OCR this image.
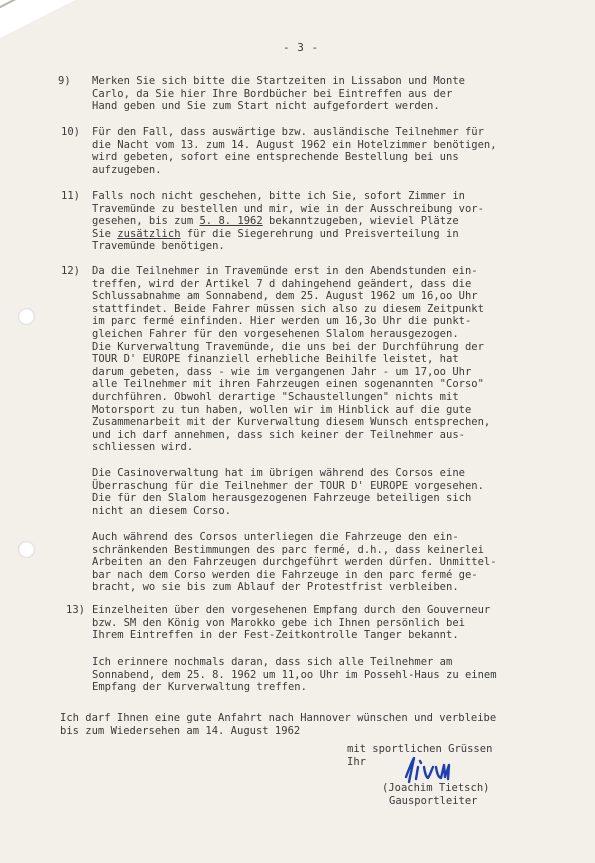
- 3 -
9) Merken Sie sich bitte die Startzeiten in Lissabon und Monte
Carlo, da Sie hier Ihre Bordbücher bei Eintreffen aus der
Hand geben und Sie zum Start nicht aufgefordert werden.
10) Für den Fall, dass auswärtige bzw. ausländische Teilnehmer für
die Nacht vom 13. zum 14. August 1962 ein Hotelzimmer benötigen,
wird gebeten, sofort eine entsprechende Bestellung bei uns
aufzugeben.
11) Falls noch nicht geschehen, bitte ich Sie, sofort Zimmer in
Travemünde zu bestellen und mir, wie in der Ausschreibung vor-
gesehen, bis zum 5. 8. 1962 bekanntzugeben, wieviel Plätze
Sie zusätzlich für die Siegerehrung und Preisverteilung in
Travemünde benötigen.
12) Da die Teilnehmer in Travemünde erst in den Abendstunden ein-
treffen, wird der Artikel 7 d dahingehend geändert, dass die
Schlussabnahme am Sonnabend, dem 25. August 1962 um 16,oo Uhr
stattfindet. Beide Fahrer müssen sich also zu diesem Zeitpunkt
im parc fermé einfinden. Hier werden um 16,3o Uhr die punkt-
gleichen Fahrer für den vorgesehenen Slalom herausgezogen.
Die Kurverwaltung Travemünde, die uns bei der Durchführung der
TOUR D' EUROPE finanziell erhebliche Beihilfe leistet, hat
darum gebeten, dass - wie im vergangenen Jahr - um 17,oo Uhr
alle Teilnehmer mit ihren Fahrzeugen einen sogenannten "Corso"
durchführen. Obwohl derartige "Schaustellungen" nichts mit
Motorsport zu tun haben, wollen wir im Hinblick auf die gute
Zusammenarbeit mit der Kurverwaltung diesem Wunsch entsprechen,
und ich darf annehmen, dass sich keiner der Teilnehmer aus-
schliessen wird.
Die Casinoverwaltung hat im übrigen während des Corsos eine
Überraschung für die Teilnehmer der TOUR D' EUROPE vorgesehen.
Die für den Slalom herausgezogenen Fahrzeuge beteiligen sich
nicht an diesem Corso.
Auch während des Corsos unterliegen die Fahrzeuge den ein-
schränkenden Bestimmungen des parc fermé, d.h., dass keinerlei
Arbeiten an den Fahrzeugen durchgeführt werden dürfen. Unmittel-
bar nach dem Corso werden die Fahrzeuge in den parc fermé ge-
bracht, wo sie bis zum Ablauf der Protestfrist verbleiben.
13) Einzelheiten über den vorgesehenen Empfang durch den Gouverneur
bzw. SM den König von Marokko gebe ich Ihnen persönlich bei
Ihrem Eintreffen in der Fest-Zeitkontrolle Tanger bekannt.
Ich erinnere nochmals daran, dass sich alle Teilnehmer am
Sonnabend, dem 25. 8. 1962 um 11,oo Uhr im Possehl-Haus zu einem
Empfang der Kurverwaltung treffen.
Ich darf Ihnen eine gute Anfahrt nach Hannover wünschen und verbleibe
bis zum Wiedersehen am 14. August 1962
mit sportlichen Grüssen
Ihr
(Joachim Tietsch)
Gausportleiter
